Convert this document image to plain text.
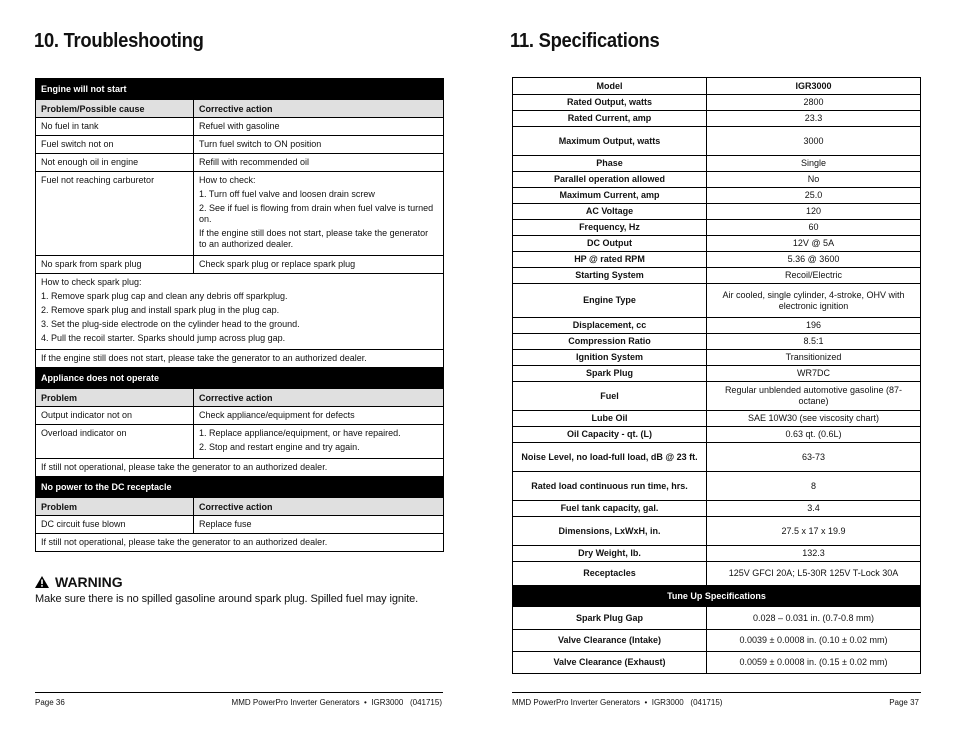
10. Troubleshooting
Engine will not start	
Problem/Possible cause	Corrective action
No fuel in tank	Refuel with gasoline
Fuel switch not on	Turn fuel switch to ON position
Not enough oil in engine	Refill with recommended oil
Fuel not reaching carburetor	How to check:
1. Turn off fuel valve and loosen drain screw
2. See if fuel is flowing from drain when fuel valve is turned on.
If the engine still does not start, please take the generator to an authorized dealer.

No spark from spark plug	Check spark plug or replace spark plug

How to check spark plug:
1. Remove spark plug cap and clean any debris off sparkplug.
2. Remove spark plug and install spark plug in the plug cap.
3. Set the plug-side electrode on the cylinder head to the ground.
4. Pull the recoil starter. Sparks should jump across plug gap.	

If the engine still does not start, please take the generator to an authorized dealer.	
Appliance does not operate	
Problem	Corrective action
Output indicator not on	Check appliance/equipment for defects
Overload indicator on	1. Replace appliance/equipment, or have repaired.
2. Stop and restart engine and try again.

If still not operational, please take the generator to an authorized dealer.	
No power to the DC receptacle	
Problem	Corrective action
DC circuit fuse blown	Replace fuse
If still not operational, please take the generator to an authorized dealer.	
WARNING
Make sure there is no spilled gasoline around spark plug. Spilled fuel may ignite.
Page 36	MMD PowerPro Inverter Generators  •  IGR3000   (041715)
11. Specifications
Model	IGR3000
Rated Output, watts	2800
Rated Current, amp	23.3
Maximum Output, watts	3000
Phase	Single
Parallel operation allowed	No
Maximum Current, amp	25.0
AC Voltage	120
Frequency, Hz	60
DC Output	12V @ 5A
HP @ rated RPM	5.36 @ 3600
Starting System	Recoil/Electric
Engine Type	Air cooled, single cylinder, 4-stroke, OHV with electronic ignition
Displacement, cc	196
Compression Ratio	8.5:1
Ignition System	Transitionized
Spark Plug	WR7DC
Fuel	Regular unblended automotive gasoline (87-octane)
Lube Oil	SAE 10W30 (see viscosity chart)
Oil Capacity - qt. (L)	0.63 qt. (0.6L)
Noise Level, no load-full load, dB @ 23 ft.	63-73
Rated load continuous run time, hrs.	8
Fuel tank capacity, gal.	3.4
Dimensions, LxWxH, in.	27.5 x 17 x 19.9
Dry Weight, lb.	132.3
Receptacles	125V GFCI 20A; L5-30R 125V T-Lock 30A
Tune Up Specifications	
Spark Plug Gap	0.028 – 0.031 in. (0.7-0.8 mm)
Valve Clearance (Intake)	0.0039 ± 0.0008 in. (0.10 ± 0.02 mm)
Valve Clearance (Exhaust)	0.0059 ± 0.0008 in. (0.15 ± 0.02 mm)
MMD PowerPro Inverter Generators  •  IGR3000   (041715)	Page 37
